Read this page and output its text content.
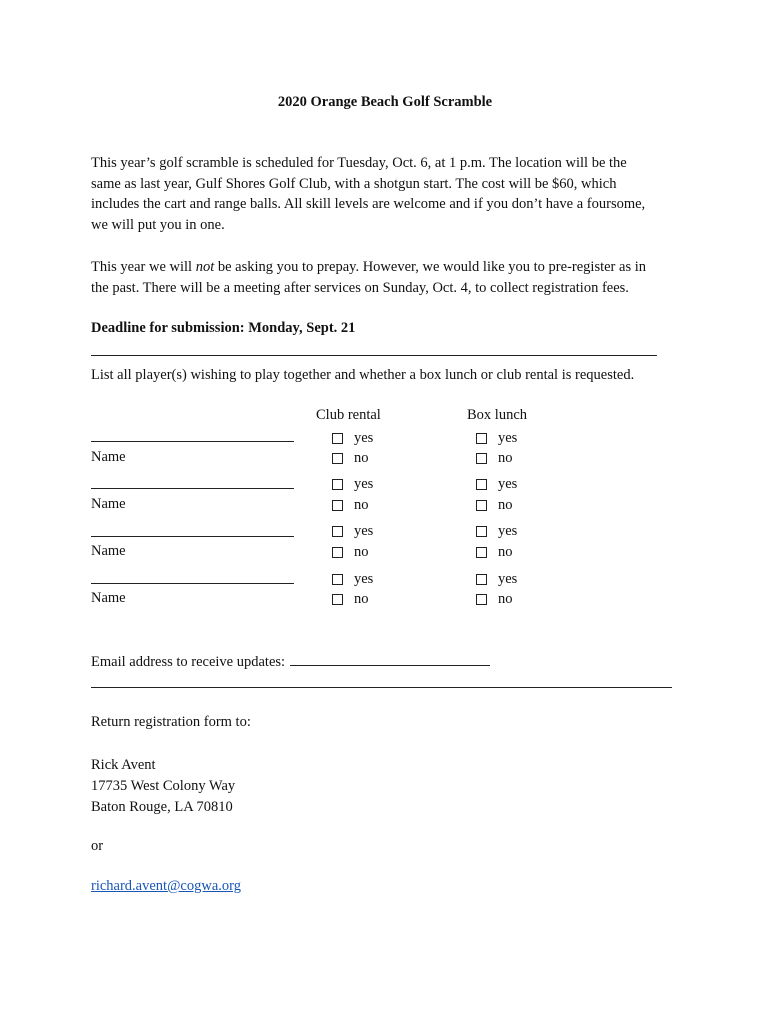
2020 Orange Beach Golf Scramble
This year’s golf scramble is scheduled for Tuesday, Oct. 6, at 1 p.m. The location will be the
same as last year, Gulf Shores Golf Club, with a shotgun start. The cost will be $60, which
includes the cart and range balls. All skill levels are welcome and if you don’t have a foursome,
we will put you in one.
This year we will not be asking you to prepay. However, we would like you to pre-register as in
the past. There will be a meeting after services on Sunday, Oct. 4, to collect registration fees.
Deadline for submission: Monday, Sept. 21
List all player(s) wishing to play together and whether a box lunch or club rental is requested.
Club rental	Box lunch
Name
yes
no
yes
no
Name
yes
no
yes
no
Name
yes
no
yes
no
Name
yes
no
yes
no
Email address to receive updates:
Return registration form to:
Rick Avent
17735 West Colony Way
Baton Rouge, LA 70810
or
richard.avent@cogwa.org
